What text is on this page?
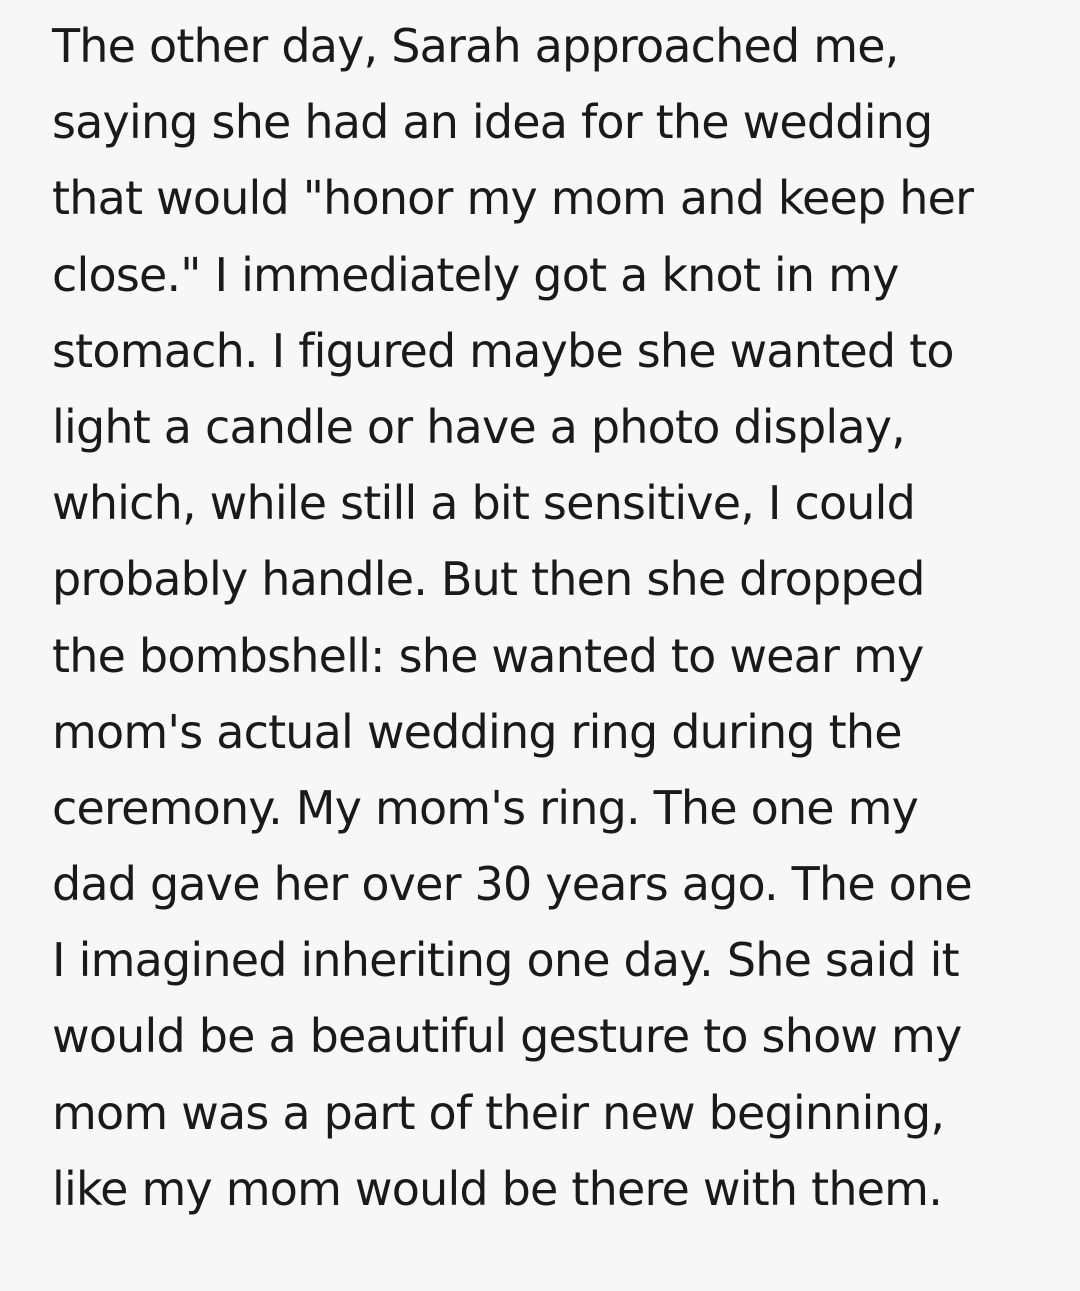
The other day, Sarah approached me,
saying she had an idea for the wedding
that would "honor my mom and keep her
close." I immediately got a knot in my
stomach. I figured maybe she wanted to
light a candle or have a photo display,
which, while still a bit sensitive, I could
probably handle. But then she dropped
the bombshell: she wanted to wear my
mom's actual wedding ring during the
ceremony. My mom's ring. The one my
dad gave her over 30 years ago. The one
I imagined inheriting one day. She said it
would be a beautiful gesture to show my
mom was a part of their new beginning,
like my mom would be there with them.
